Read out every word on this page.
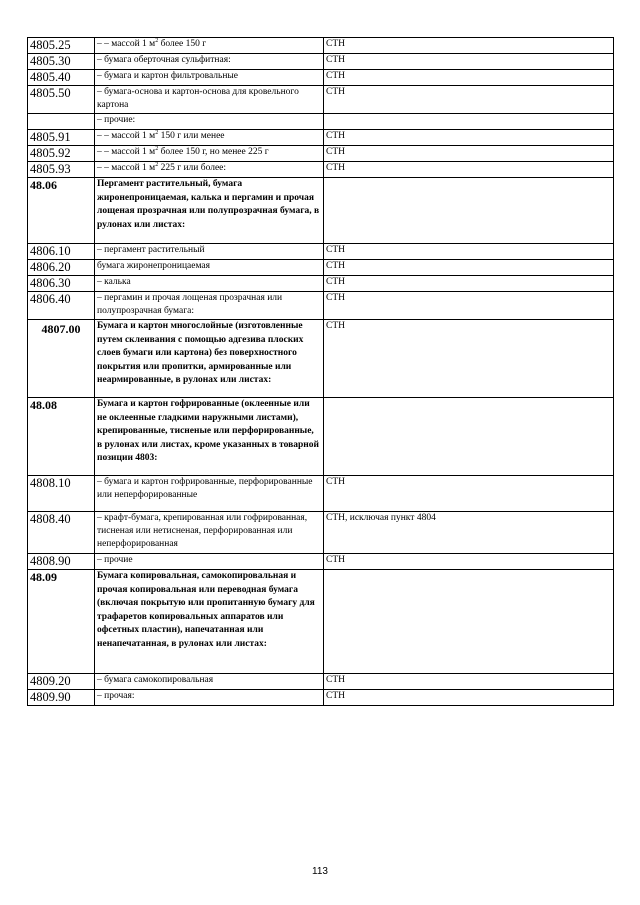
4805.25	– – массой 1 $м^2$ более 150 г	СТН
4805.30	– бумага оберточная сульфитная:	СТН
4805.40	– бумага и картон фильтровальные	СТН
4805.50	– бумага-основа и картон-основа для кровельного картона	СТН
	– прочие:	
4805.91	– – массой 1 $м^2$ 150 г или менее	СТН
4805.92	– – массой 1 $м^2$ более 150 г, но менее 225 г	СТН
4805.93	– – массой 1 $м^2$ 225 г или более:	СТН
48.06	Пергамент растительный, бумага жиронепроницаемая, калька и пергамин и прочая лощеная прозрачная или полупрозрачная бумага, в рулонах или листах:	
4806.10	– пергамент растительный	СТН
4806.20	бумага жиронепроницаемая	СТН
4806.30	– калька	СТН
4806.40	– пергамин и прочая лощеная прозрачная или полупрозрачная бумага:	СТН
4807.00	Бумага и картон многослойные (изготовленные путем склеивания с помощью адгезива плоских слоев бумаги или картона) без поверхностного покрытия или пропитки, армированные или неармированные, в рулонах или листах:	СТН
48.08	Бумага и картон гофрированные (оклеенные или не оклеенные гладкими наружными листами), крепированные, тисненые или перфорированные, в рулонах или листах, кроме указанных в товарной позиции 4803:	
4808.10	– бумага и картон гофрированные, перфорированные или неперфорированные	СТН
4808.40	– крафт-бумага, крепированная или гофрированная, тисненая или нетисненая, перфорированная или неперфорированная	СТН, исключая пункт 4804
4808.90	– прочие	СТН
48.09	Бумага копировальная, самокопировальная и прочая копировальная или переводная бумага (включая покрытую или пропитанную бумагу для трафаретов копировальных аппаратов или офсетных пластин), напечатанная или ненапечатанная, в рулонах или листах:	
4809.20	– бумага самокопировальная	СТН
4809.90	– прочая:	СТН
113
